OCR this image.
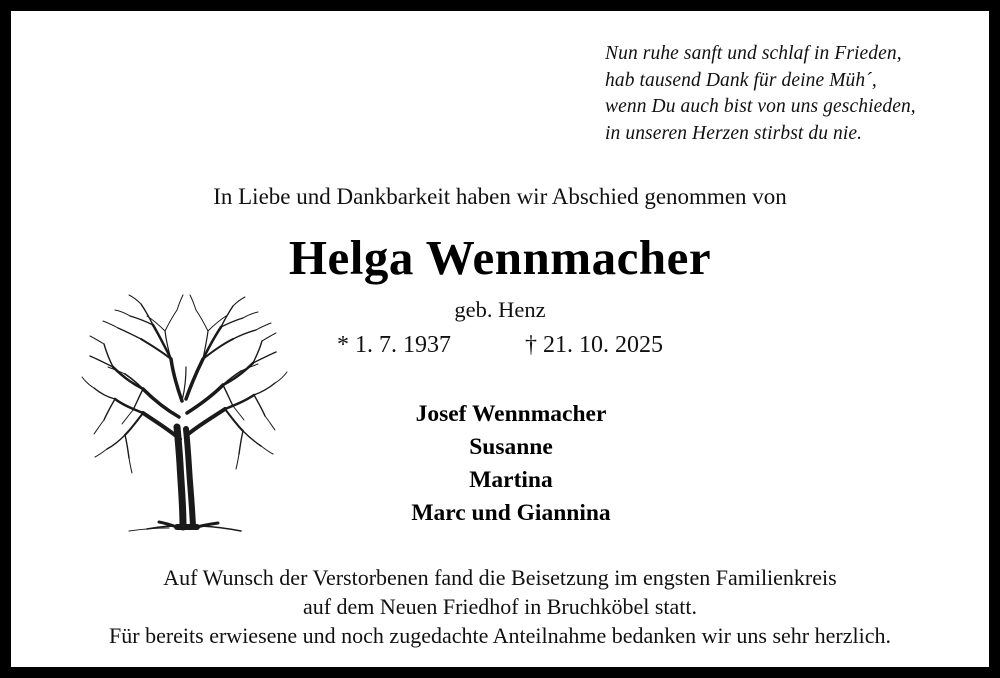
Nun ruhe sanft und schlaf in Frieden,
hab tausend Dank für deine Müh´,
wenn Du auch bist von uns geschieden,
in unseren Herzen stirbst du nie.
In Liebe und Dankbarkeit haben wir Abschied genommen von
Helga Wennmacher
geb. Henz
* 1. 7. 1937	† 21. 10. 2025
Josef Wennmacher
Susanne
Martina
Marc und Giannina
Auf Wunsch der Verstorbenen fand die Beisetzung im engsten Familienkreis
auf dem Neuen Friedhof in Bruchköbel statt.
Für bereits erwiesene und noch zugedachte Anteilnahme bedanken wir uns sehr herzlich.
